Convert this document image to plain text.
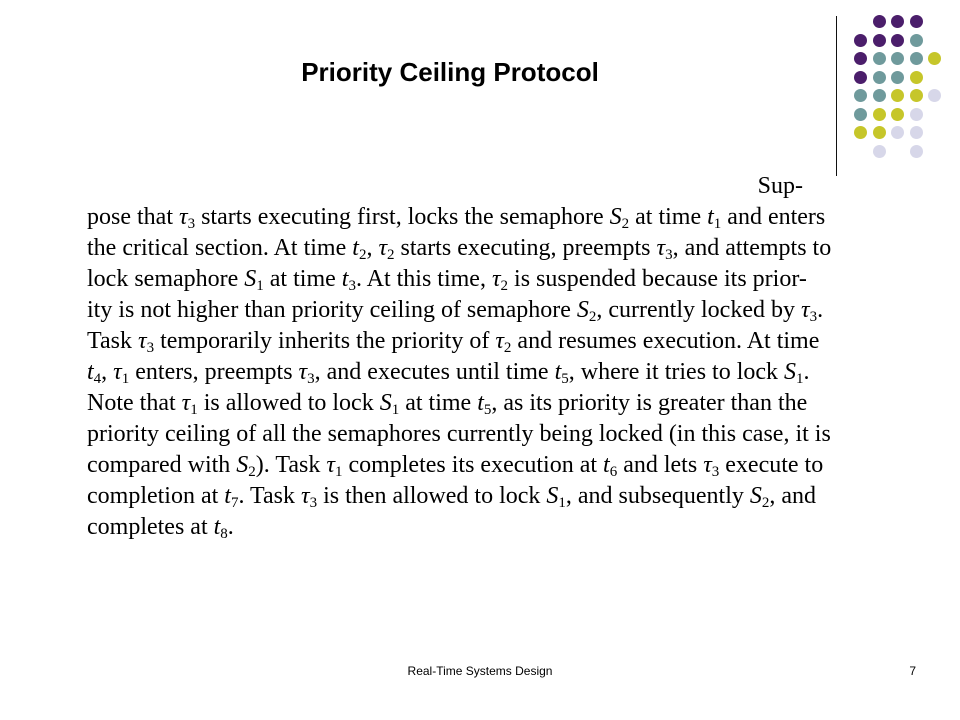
Priority Ceiling Protocol
Sup-
pose that $\tau_3$ starts executing first, locks the semaphore $S_2$ at time $t_1$ and enters
the critical section. At time $t_2$, $\tau_2$ starts executing, preempts $\tau_3$, and attempts to
lock semaphore $S_1$ at time $t_3$. At this time, $\tau_2$ is suspended because its prior-
ity is not higher than priority ceiling of semaphore $S_2$, currently locked by $\tau_3$.
Task $\tau_3$ temporarily inherits the priority of $\tau_2$ and resumes execution. At time
$t_4$, $\tau_1$ enters, preempts $\tau_3$, and executes until time $t_5$, where it tries to lock $S_1$.
Note that $\tau_1$ is allowed to lock $S_1$ at time $t_5$, as its priority is greater than the
priority ceiling of all the semaphores currently being locked (in this case, it is
compared with $S_2$). Task $\tau_1$ completes its execution at $t_6$ and lets $\tau_3$ execute to
completion at $t_7$. Task $\tau_3$ is then allowed to lock $S_1$, and subsequently $S_2$, and
completes at $t_8$.
Real-Time Systems Design	7
